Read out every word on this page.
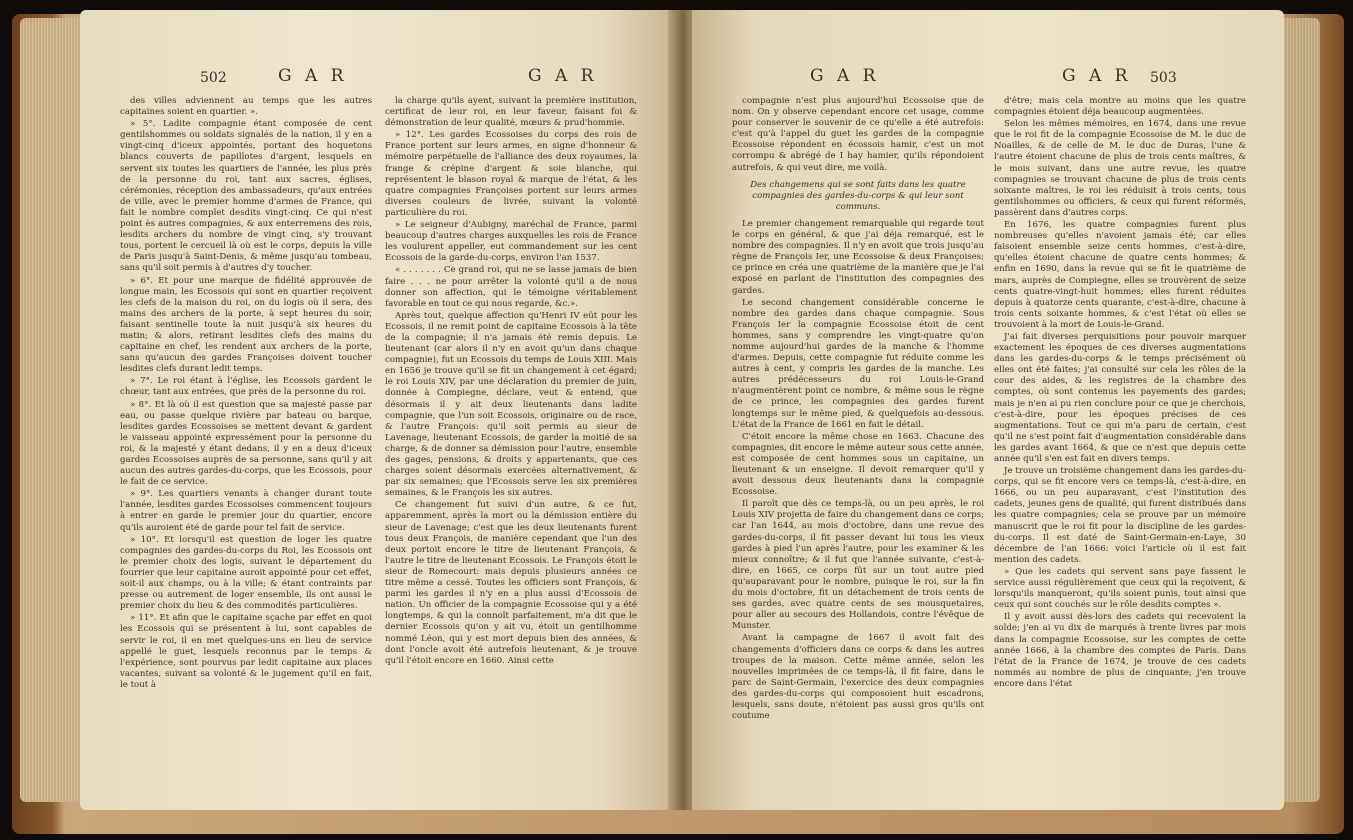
502	G A R	G A R

des villes adviennent au temps que les autres capitaines soient en quartier. ».

» 5°. Ladite compagnie étant composée de cent gentilshommes ou soldats signalés de la nation, il y en a vingt-cinq d'iceux appointés, portant des hoquetons blancs couverts de papillotes d'argent, lesquels en servent six toutes les quartiers de l'année, les plus près de la personne du roi, tant aux sacres, églises, cérémonies, réception des ambassadeurs, qu'aux entrées de ville, avec le premier homme d'armes de France, qui fait le nombre complet desdits vingt-cinq. Ce qui n'est point ès autres compagnies, & aux enterremens des rois, lesdits archers du nombre de vingt cinq, s'y trouvant tous, portent le cercueil là où est le corps, depuis la ville de Paris jusqu'à Saint-Denis, & même jusqu'au tombeau, sans qu'il soit permis à d'autres d'y toucher.

» 6°. Et pour une marque de fidélité approuvée de longue main, les Ecossois qui sont en quartier reçoivent les clefs de la maison du roi, on du logis où il sera, des mains des archers de la porte, à sept heures du soir, faisant sentinelle toute la nuit jusqu'à six heures du matin; & alors, retirant lesdites clefs des mains du capitaine en chef, les rendent aux archers de la porte, sans qu'aucun des gardes Françoises doivent toucher lesdites clefs durant ledit temps.

» 7°. Le roi étant à l'église, les Ecossois gardent le chœur, tant aux entrées, que près de la personne du roi.

» 8°. Et là où il est question que sa majesté passe par eau, ou passe quelque rivière par bateau ou barque, lesdites gardes Ecossoises se mettent devant & gardent le vaisseau appointé expressément pour la personne du roi, & la majesté y étant dedans, il y en a deux d'iceux gardes Ecossoises auprès de sa personne, sans qu'il y ait aucun des autres gardes-du-corps, que les Ecossois, pour le fait de ce service.

» 9°. Les quartiers venants à changer durant toute l'année, lesdites gardes Ecossoises commencent toujours à entrer en garde le premier jour du quartier, encore qu'ils auroient été de garde pour tel fait de service.

» 10°. Et lorsqu'il est question de loger les quatre compagnies des gardes-du-corps du Roi, les Ecossois ont le premier choix des logis, suivant le département du fourrier que leur capitaine auroit appointé pour cet effet, soit-il aux champs, ou à la ville; & étant contraints par presse ou autrement de loger ensemble, ils ont aussi le premier choix du lieu & des commodités particulières.

» 11°. Et afin que le capitaine sçache par effet en quoi les Ecossois qui se présentent à lui, sont capables de servir le roi, il en met quelques-uns en lieu de service appellé le guet, lesquels reconnus par le temps & l'expérience, sont pourvus par ledit capitaine aux places vacantes, suivant sa volonté & le jugement qu'il en fait, le tout à

la charge qu'ils ayent, suivant la première institution, certificat de leur roi, en leur faveur, faisant foi & démonstration de leur qualité, mœurs & prud'hommie.

» 12°. Les gardes Ecossoises du corps des rois de France portent sur leurs armes, en signe d'honneur & mémoire perpétuelle de l'alliance des deux royaumes, la frange & crépine d'argent & soie blanche, qui représentent le blason royal & marque de l'état, & les quatre compagnies Françoises portent sur leurs armes diverses couleurs de livrée, suivant la volonté particulière du roi.

» Le seigneur d'Aubigny, maréchal de France, parmi beaucoup d'autres charges auxquelles les rois de France les voulurent appeller, eut commandement sur les cent Ecossois de la garde-du-corps, environ l'an 1537.

« . . . . . . . Ce grand roi, qui ne se lasse jamais de bien faire . . . ne pour arrêter la volonté qu'il a de nous donner son affection, qui le témoigne véritablement favorable en tout ce qui nous regarde, &c.».

Après tout, quelque affection qu'Henri IV eût pour les Ecossois, il ne remit point de capitaine Ecossois à la tête de la compagnie; il n'a jamais été remis depuis. Le lieutenant (car alors il n'y en avoit qu'un dans chaque compagnie), fut un Ecossois du temps de Louis XIII. Mais en 1656 je trouve qu'il se fit un changement à cet égard; le roi Louis XIV, par une déclaration du premier de juin, donnée à Compiegne, déclare, veut & entend, que désormais il y ait deux lieutenants dans ladite compagnie, que l'un soit Ecossois, originaire ou de race, & l'autre François: qu'il soit permis au sieur de Lavenage, lieutenant Ecossois, de garder la moitié de sa charge, & de donner sa démission pour l'autre, ensemble des gages, pensions, & droits y appartenants, que ces charges soient désormais exercées alternativement, & par six semaines; que l'Ecossois serve les six premières semaines, & le François les six autres.

Ce changement fut suivi d'un autre, & ce fut, apparemment, après la mort ou la démission entière du sieur de Lavenage; c'est que les deux lieutenants furent tous deux François, de manière cependant que l'un des deux portoit encore le titre de lieutenant François, & l'autre le titre de lieutenant Ecossois. Le François étoit le sieur de Romecourt: mais depuis plusieurs années ce titre même a cessé. Toutes les officiers sont François, & parmi les gardes il n'y en a plus aussi d'Ecossois de nation. Un officier de la compagnie Ecossoise qui y a été longtemps, & qui la connoît parfaitement, m'a dit que le dernier Ecossois qu'on y ait vu, étoit un gentilhomme nommé Léon, qui y est mort depuis bien des années, & dont l'oncle avoit été autrefois lieutenant, & je trouve qu'il l'étoit encore en 1660. Ainsi cette

G A R	G A R 503

compagnie n'est plus aujourd'hui Ecossoise que de nom. On y observe cependant encore cet usage, comme pour conserver le souvenir de ce qu'elle a été autrefois: c'est qu'à l'appel du guet les gardes de la compagnie Ecossoise répondent en écossois hamir, c'est un mot corrompu & abrégé de I hay hamier, qu'ils répondoient autrefois, & qui veut dire, me voilà.

Des changemens qui se sont faits dans les quatre compagnies des gardes-du-corps & qui leur sont communs.

Le premier changement remarquable qui regarde tout le corps en général, & que j'ai déja remarqué, est le nombre des compagnies. Il n'y en avoit que trois jusqu'au règne de François Ier, une Ecossoise & deux Françoises; ce prince en créa une quatrième de la manière que je l'ai exposé en parlant de l'institution des compagnies des gardes.

Le second changement considérable concerne le nombre des gardes dans chaque compagnie. Sous François Ier la compagnie Ecossoise étoit de cent hommes, sans y comprendre les vingt-quatre qu'on nomme aujourd'hui gardes de la manche & l'homme d'armes. Depuis, cette compagnie fut réduite comme les autres à cent, y compris les gardes de la manche. Les autres prédécesseurs du roi Louis-le-Grand n'augmentèrent point ce nombre, & même sous le règne de ce prince, les compagnies des gardes furent longtemps sur le même pied, & quelquefois au-dessous. L'état de la France de 1661 en fait le détail.

C'étoit encore la même chose en 1663. Chacune des compagnies, dit encore le même auteur sous cette année, est composée de cent hommes sous un capitaine, un lieutenant & un enseigne. Il devoit remarquer qu'il y avoit dessous deux lieutenants dans la compagnie Ecossoise.

Il paroît que dès ce temps-là, ou un peu après, le roi Louis XIV projetta de faire du changement dans ce corps; car l'an 1644, au mois d'octobre, dans une revue des gardes-du-corps, il fit passer devant lui tous les vieux gardes à pied l'un après l'autre, pour les examiner & les mieux connoître; & il fut que l'année suivante, c'est-à-dire, en 1665, ce corps fût sur un tout autre pied qu'auparavant pour le nombre, puisque le roi, sur la fin du mois d'octobre, fit un détachement de trois cents de ses gardes, avec quatre cents de ses mousquetaires, pour aller au secours des Hollandois, contre l'évêque de Munster.

Avant la campagne de 1667 il avoit fait des changements d'officiers dans ce corps & dans les autres troupes de la maison. Cette même année, selon les nouvelles imprimées de ce temps-là, il fit faire, dans le parc de Saint-Germain, l'exercice des deux compagnies des gardes-du-corps qui composoient huit escadrons, lesquels, sans doute, n'étoient pas aussi gros qu'ils ont coutume

d'être; mais cela montre au moins que les quatre compagnies étoient déja beaucoup augmentées.

Selon les mêmes mémoires, en 1674, dans une revue que le roi fit de la compagnie Ecossoise de M. le duc de Noailles, & de celle de M. le duc de Duras, l'une & l'autre étoient chacune de plus de trois cents maîtres, & le mois suivant, dans une autre revue, les quatre compagnies se trouvant chacune de plus de trois cents soixante maîtres, le roi les réduisit à trois cents, tous gentilshommes ou officiers, & ceux qui furent réformés, passèrent dans d'autres corps.

En 1676, les quatre compagnies furent plus nombreuses qu'elles n'avoient jamais été; car elles faisoient ensemble seize cents hommes, c'est-à-dire, qu'elles étoient chacune de quatre cents hommes; & enfin en 1690, dans la revue qui se fit le quatrième de mars, auprès de Compiegne, elles se trouvèrent de seize cents quatre-vingt-huit hommes; elles furent réduites depuis à quatorze cents quarante, c'est-à-dire, chacune à trois cents soixante hommes, & c'est l'état où elles se trouvoient à la mort de Louis-le-Grand.

J'ai fait diverses perquisitions pour pouvoir marquer exactement les époques de ces diverses augmentations dans les gardes-du-corps & le temps précisément où elles ont été faites; j'ai consulté sur cela les rôles de la cour des aides, & les registres de la chambre des comptes, où sont contenus les payements des gardes; mais je n'en ai pu rien conclure pour ce que je cherchois, c'est-à-dire, pour les époques précises de ces augmentations. Tout ce qui m'a paru de certain, c'est qu'il ne s'est point fait d'augmentation considérable dans les gardes avant 1664, & que ce n'est que depuis cette année qu'il s'en est fait en divers temps.

Je trouve un troisième changement dans les gardes-du-corps, qui se fit encore vers ce temps-là, c'est-à-dire, en 1666, ou un peu auparavant, c'est l'institution des cadets, jeunes gens de qualité, qui furent distribués dans les quatre compagnies; cela se prouve par un mémoire manuscrit que le roi fit pour la discipline de les gardes-du-corps. Il est daté de Saint-Germain-en-Laye, 30 décembre de l'an 1666: voici l'article où il est fait mention des cadets.

» Que les cadets qui servent sans paye fassent le service aussi régulièrement que ceux qui la reçoivent, & lorsqu'ils manqueront, qu'ils soient punis, tout ainsi que ceux qui sont couchés sur le rôle desdits comptes ».

Il y avoit aussi dès-lors des cadets qui recevoient la solde; j'en ai vu dix de marqués à trente livres par mois dans la compagnie Ecossoise, sur les comptes de cette année 1666, à la chambre des comptes de Paris. Dans l'état de la France de 1674, je trouve de ces cadets nommés au nombre de plus de cinquante; j'en trouve encore dans l'état
